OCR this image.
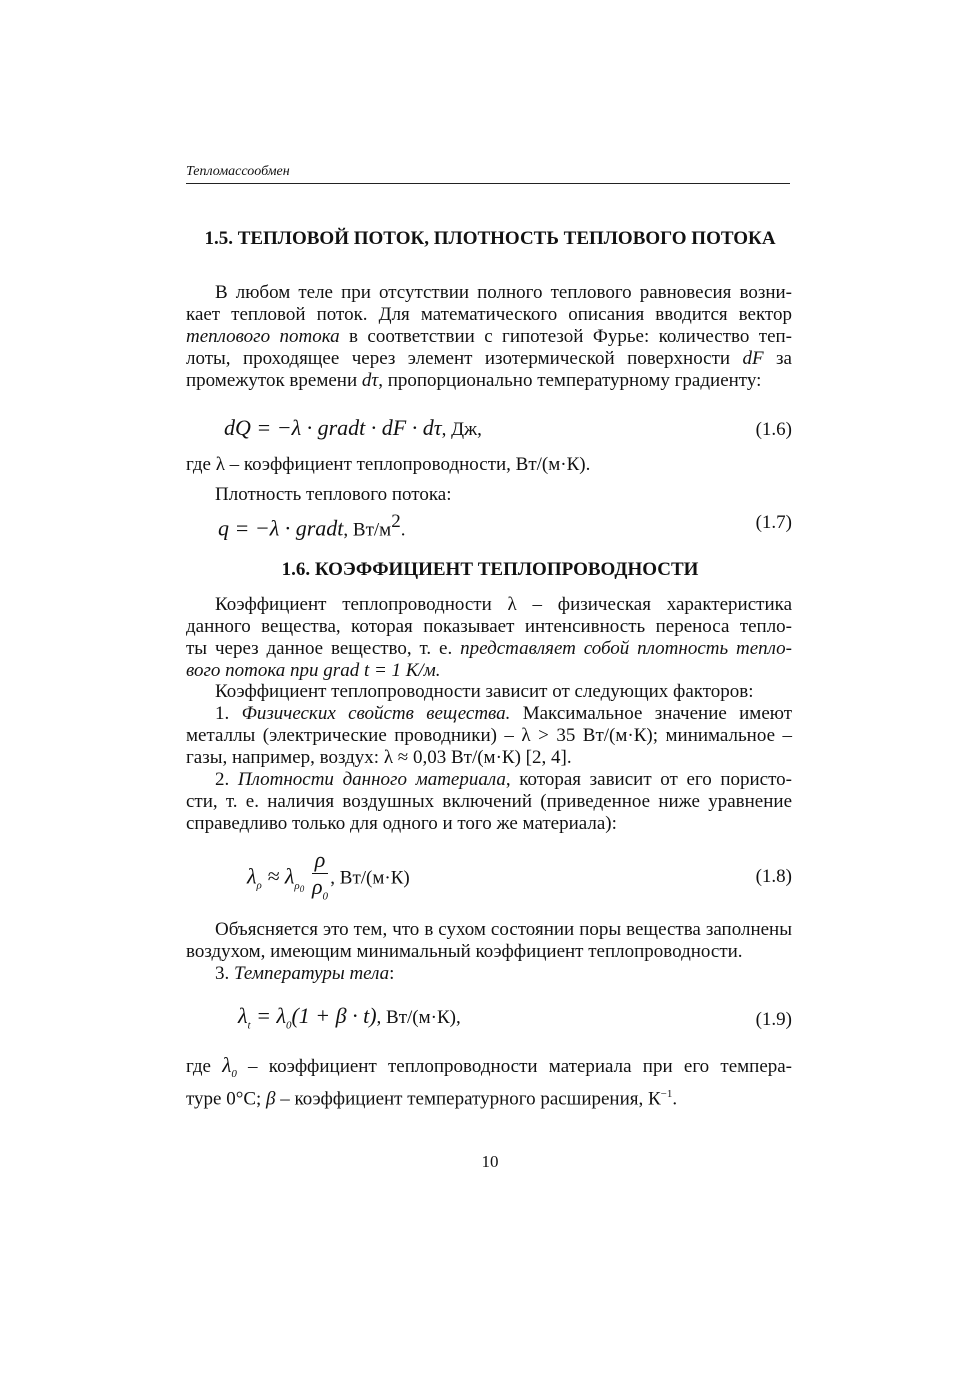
Тепломассообмен
1.5. ТЕПЛОВОЙ ПОТОК, ПЛОТНОСТЬ ТЕПЛОВОГО ПОТОКА
В любом теле при отсутствии полного теплового равновесия возни-
кает тепловой поток. Для математического описания вводится вектор
теплового потока в соответствии с гипотезой Фурье: количество теп-
лоты, проходящее через элемент изотермической поверхности dF за
промежуток времени dτ, пропорционально температурному градиенту:
dQ = −λ · gradt · dF · dτ, Дж,	(1.6)
где λ – коэффициент теплопроводности, Вт/(м·К).
Плотность теплового потока:
q = −λ · gradt, $Вт/м^2$.	(1.7)
1.6. КОЭФФИЦИЕНТ ТЕПЛОПРОВОДНОСТИ
Коэффициент теплопроводности λ – физическая характеристика
данного вещества, которая показывает интенсивность переноса тепло-
ты через данное вещество, т. е. представляет собой плотность тепло-
вого потока при grad t = 1 К/м.
Коэффициент теплопроводности зависит от следующих факторов:
1. Физических свойств вещества. Максимальное значение имеют
металлы (электрические проводники) – λ > 35 Вт/(м·К); минимальное –
газы, например, воздух: λ ≈ 0,03 Вт/(м·К) [2, 4].
2. Плотности данного материала, которая зависит от его пористо-
сти, т. е. наличия воздушных включений (приведенное ниже уравнение
справедливо только для одного и того же материала):
$\lambda_\rho \approx \lambda_{\rho_0} \frac{\rho}{\rho_0}$ , Вт/(м·К)	(1.8)
Объясняется это тем, что в сухом состоянии поры вещества заполнены
воздухом, имеющим минимальный коэффициент теплопроводности.
3. Температуры тела:
$\lambda_t = \lambda_0(1 + \beta \cdot t)$, Вт/(м·К),	(1.9)
где $\lambda_0$ – коэффициент теплопроводности материала при его темпера-
туре 0°С; β – коэффициент температурного расширения, $К^{-1}$.
10
